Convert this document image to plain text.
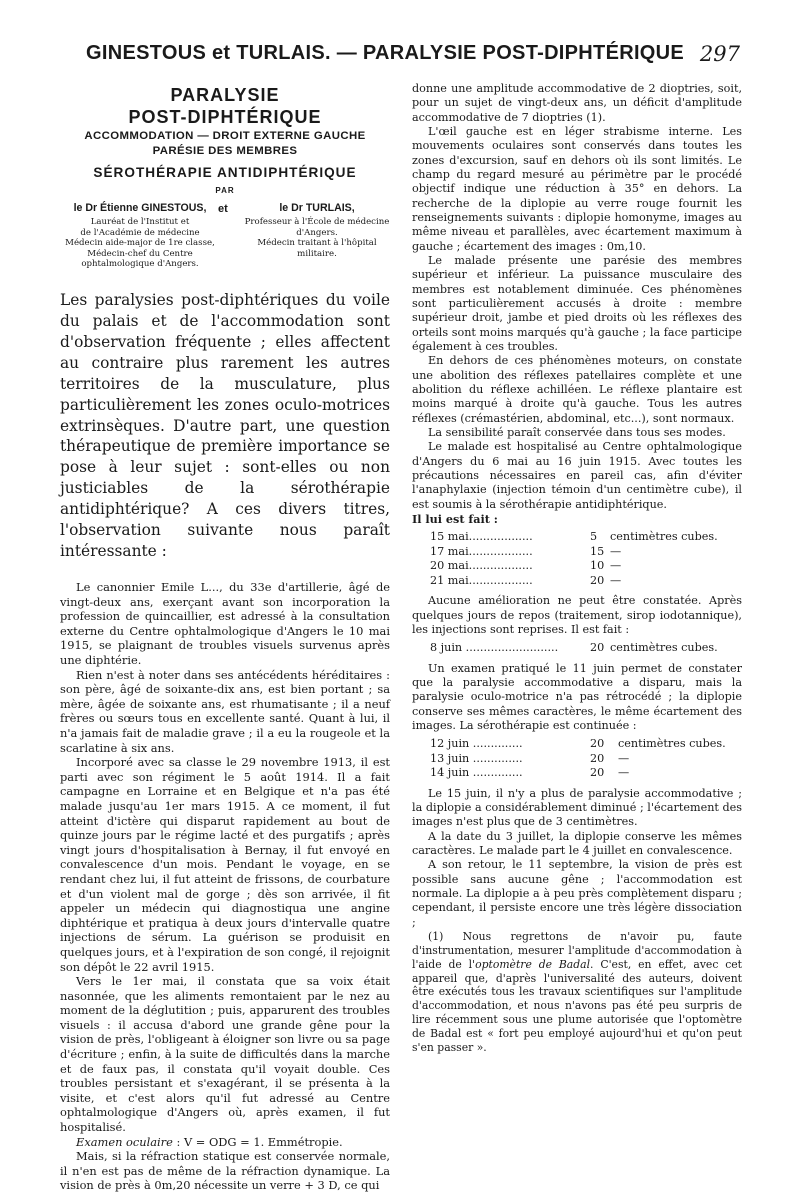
GINESTOUS et TURLAIS. — PARALYSIE POST-DIPHTÉRIQUE 297
PARALYSIE
POST-DIPHTÉRIQUE
ACCOMMODATION — DROIT EXTERNE GAUCHE
PARÉSIE DES MEMBRES
SÉROTHÉRAPIE ANTIDIPHTÉRIQUE
PAR
le Dr Étienne GINESTOUS,
Lauréat de l'Institut et
de l'Académie de médecine
Médecin aide-major de 1re classe,
Médecin-chef du Centre
ophtalmologique d'Angers.
et	le Dr TURLAIS,
Professeur à l'École de médecine
d'Angers.
Médecin traitant à l'hôpital
militaire.
Les paralysies post-diphtériques du voile du palais et de l'accommodation sont d'observation fréquente ; elles affectent au contraire plus rarement les autres territoires de la musculature, plus particulièrement les zones oculo-motrices extrinsèques. D'autre part, une question thérapeutique de première importance se pose à leur sujet : sont-elles ou non justiciables de la sérothérapie antidiphtérique? A ces divers titres, l'observation suivante nous paraît intéressante :

Le canonnier Emile L..., du 33e d'artillerie, âgé de vingt-deux ans, exerçant avant son incorporation la profession de quincaillier, est adressé à la consultation externe du Centre ophtalmologique d'Angers le 10 mai 1915, se plaignant de troubles visuels survenus après une diphtérie.

Rien n'est à noter dans ses antécédents héréditaires : son père, âgé de soixante-dix ans, est bien portant ; sa mère, âgée de soixante ans, est rhumatisante ; il a neuf frères ou sœurs tous en excellente santé. Quant à lui, il n'a jamais fait de maladie grave ; il a eu la rougeole et la scarlatine à six ans.

Incorporé avec sa classe le 29 novembre 1913, il est parti avec son régiment le 5 août 1914. Il a fait campagne en Lorraine et en Belgique et n'a pas été malade jusqu'au 1er mars 1915. A ce moment, il fut atteint d'ictère qui disparut rapidement au bout de quinze jours par le régime lacté et des purgatifs ; après vingt jours d'hospitalisation à Bernay, il fut envoyé en convalescence d'un mois. Pendant le voyage, en se rendant chez lui, il fut atteint de frissons, de courbature et d'un violent mal de gorge ; dès son arrivée, il fit appeler un médecin qui diagnostiqua une angine diphtérique et pratiqua à deux jours d'intervalle quatre injections de sérum. La guérison se produisit en quelques jours, et à l'expiration de son congé, il rejoignit son dépôt le 22 avril 1915.

Vers le 1er mai, il constata que sa voix était nasonnée, que les aliments remontaient par le nez au moment de la déglutition ; puis, apparurent des troubles visuels : il accusa d'abord une grande gêne pour la vision de près, l'obligeant à éloigner son livre ou sa page d'écriture ; enfin, à la suite de difficultés dans la marche et de faux pas, il constata qu'il voyait double. Ces troubles persistant et s'exagérant, il se présenta à la visite, et c'est alors qu'il fut adressé au Centre ophtalmologique d'Angers où, après examen, il fut hospitalisé.

Examen oculaire : V = ODG = 1. Emmétropie.

Mais, si la réfraction statique est conservée normale, il n'en est pas de même de la réfraction dynamique. La vision de près à 0m,20 nécessite un verre + 3 D, ce qui

donne une amplitude accommodative de 2 dioptries, soit, pour un sujet de vingt-deux ans, un déficit d'amplitude accommodative de 7 dioptries (1).

L'œil gauche est en léger strabisme interne. Les mouvements oculaires sont conservés dans toutes les zones d'excursion, sauf en dehors où ils sont limités. Le champ du regard mesuré au périmètre par le procédé objectif indique une réduction à 35° en dehors. La recherche de la diplopie au verre rouge fournit les renseignements suivants : diplopie homonyme, images au même niveau et parallèles, avec écartement maximum à gauche ; écartement des images : 0m,10.

Le malade présente une parésie des membres supérieur et inférieur. La puissance musculaire des membres est notablement diminuée. Ces phénomènes sont particulièrement accusés à droite : membre supérieur droit, jambe et pied droits où les réflexes des orteils sont moins marqués qu'à gauche ; la face participe également à ces troubles.

En dehors de ces phénomènes moteurs, on constate une abolition des réflexes patellaires complète et une abolition du réflexe achilléen. Le réflexe plantaire est moins marqué à droite qu'à gauche. Tous les autres réflexes (crémastérien, abdominal, etc...), sont normaux.

La sensibilité paraît conservée dans tous ses modes.

Le malade est hospitalisé au Centre ophtalmologique d'Angers du 6 mai au 16 juin 1915. Avec toutes les précautions nécessaires en pareil cas, afin d'éviter l'anaphylaxie (injection témoin d'un centimètre cube), il est soumis à la sérothérapie antidiphtérique.

Il lui est fait :

15 mai..................	5	centimètres cubes.
17 mai..................	15 —
20 mai..................	10 —
21 mai..................	20 —

Aucune amélioration ne peut être constatée. Après quelques jours de repos (traitement, sirop iodotannique), les injections sont reprises. Il est fait :

8 juin ..........................	20 centimètres cubes.

Un examen pratiqué le 11 juin permet de constater que la paralysie accommodative a disparu, mais la paralysie oculo-motrice n'a pas rétrocédé ; la diplopie conserve ses mêmes caractères, le même écartement des images. La sérothérapie est continuée :

12 juin ..............	20	centimètres cubes.
13 juin ..............	20	—
14 juin ..............	20	—

Le 15 juin, il n'y a plus de paralysie accommodative ; la diplopie a considérablement diminué ; l'écartement des images n'est plus que de 3 centimètres.

A la date du 3 juillet, la diplopie conserve les mêmes caractères. Le malade part le 4 juillet en convalescence.

A son retour, le 11 septembre, la vision de près est possible sans aucune gêne ; l'accommodation est normale. La diplopie a à peu près complètement disparu ; cependant, il persiste encore une très légère dissociation ;

(1) Nous regrettons de n'avoir pu, faute d'instrumentation, mesurer l'amplitude d'accommodation à l'aide de l'optomètre de Badal. C'est, en effet, avec cet appareil que, d'après l'universalité des auteurs, doivent être exécutés tous les travaux scientifiques sur l'amplitude d'accommodation, et nous n'avons pas été peu surpris de lire récemment sous une plume autorisée que l'optomètre de Badal est « fort peu employé aujourd'hui et qu'on peut s'en passer ».
